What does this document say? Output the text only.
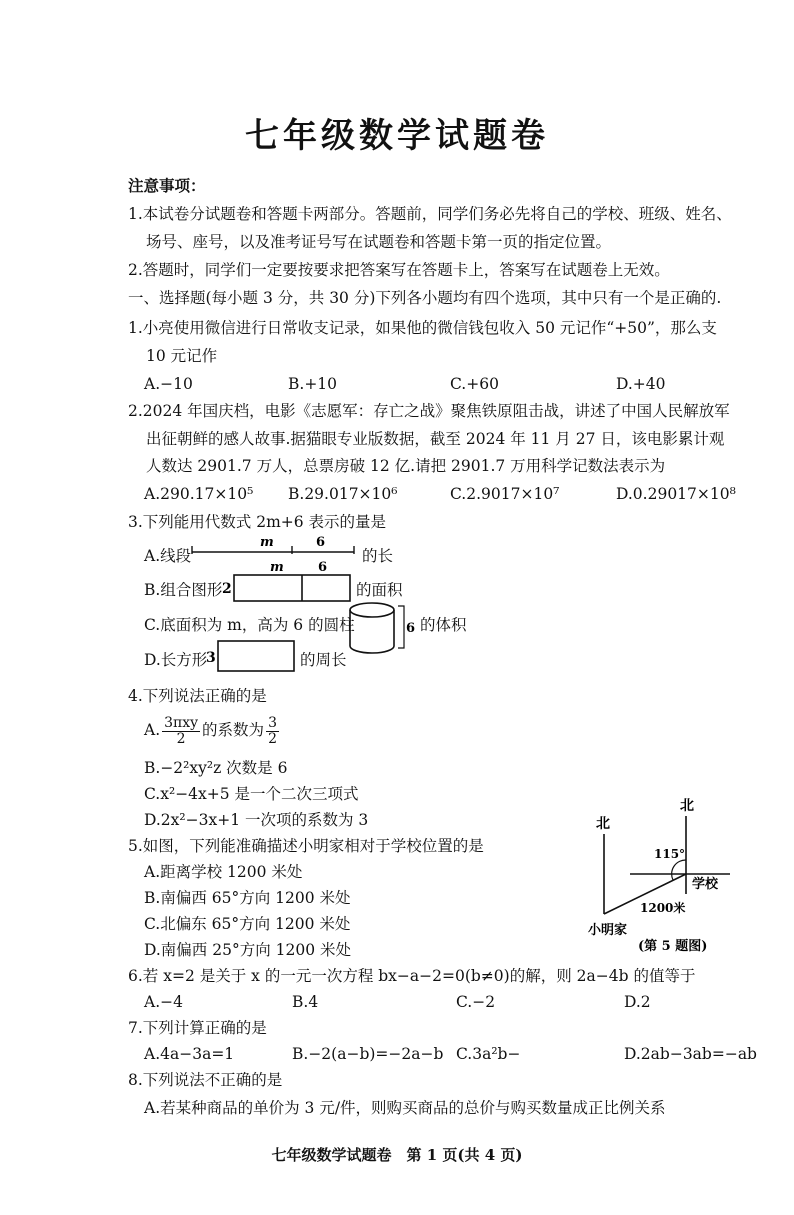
七年级数学试题卷
注意事项：
1.本试卷分试题卷和答题卡两部分。答题前，同学们务必先将自己的学校、班级、姓名、
场号、座号，以及准考证号写在试题卷和答题卡第一页的指定位置。
2.答题时，同学们一定要按要求把答案写在答题卡上，答案写在试题卷上无效。
一、选择题(每小题 3 分，共 30 分)下列各小题均有四个选项，其中只有一个是正确的.
1.小亮使用微信进行日常收支记录，如果他的微信钱包收入 50 元记作“+50”，那么支
10 元记作
A.−10	B.+10	C.+60	D.+40
2.2024 年国庆档，电影《志愿军：存亡之战》聚焦铁原阻击战，讲述了中国人民解放军
出征朝鲜的感人故事.据猫眼专业版数据，截至 2024 年 11 月 27 日，该电影累计观
人数达 2901.7 万人，总票房破 12 亿.请把 2901.7 万用科学记数法表示为
A.290.17×10⁵ B.29.017×10⁶	C.2.9017×10⁷	D.0.29017×10⁸
3.下列能用代数式 2m+6 表示的量是
A.线段	的长
B.组合图形	的面积
C.底面积为 m，高为 6 的圆柱	的体积
D.长方形	的周长
m	6
2
m	6
6
3
4.下列说法正确的是
A. $\frac{\text{3πxy}}{2}$ 的系数为 $\frac{3}{2}$
B.−2²xy²z 次数是 6
C.x²−4x+5 是一个二次三项式
D.2x²−3x+1 一次项的系数为 3
5.如图，下列能准确描述小明家相对于学校位置的是
A.距离学校 1200 米处
B.南偏西 65°方向 1200 米处
C.北偏东 65°方向 1200 米处
D.南偏西 25°方向 1200 米处
北
北
115°
学校
1200米
小明家
(第 5 题图)
6.若 x=2 是关于 x 的一元一次方程 bx−a−2=0(b≠0)的解，则 2a−4b 的值等于
A.−4	B.4	C.−2	D.2
7.下列计算正确的是
A.4a−3a=1	B.−2(a−b)=−2a−b C.3a²b−	D.2ab−3ab=−ab
8.下列说法不正确的是
A.若某种商品的单价为 3 元/件，则购买商品的总价与购买数量成正比例关系
七年级数学试题卷　第 1 页(共 4 页)
